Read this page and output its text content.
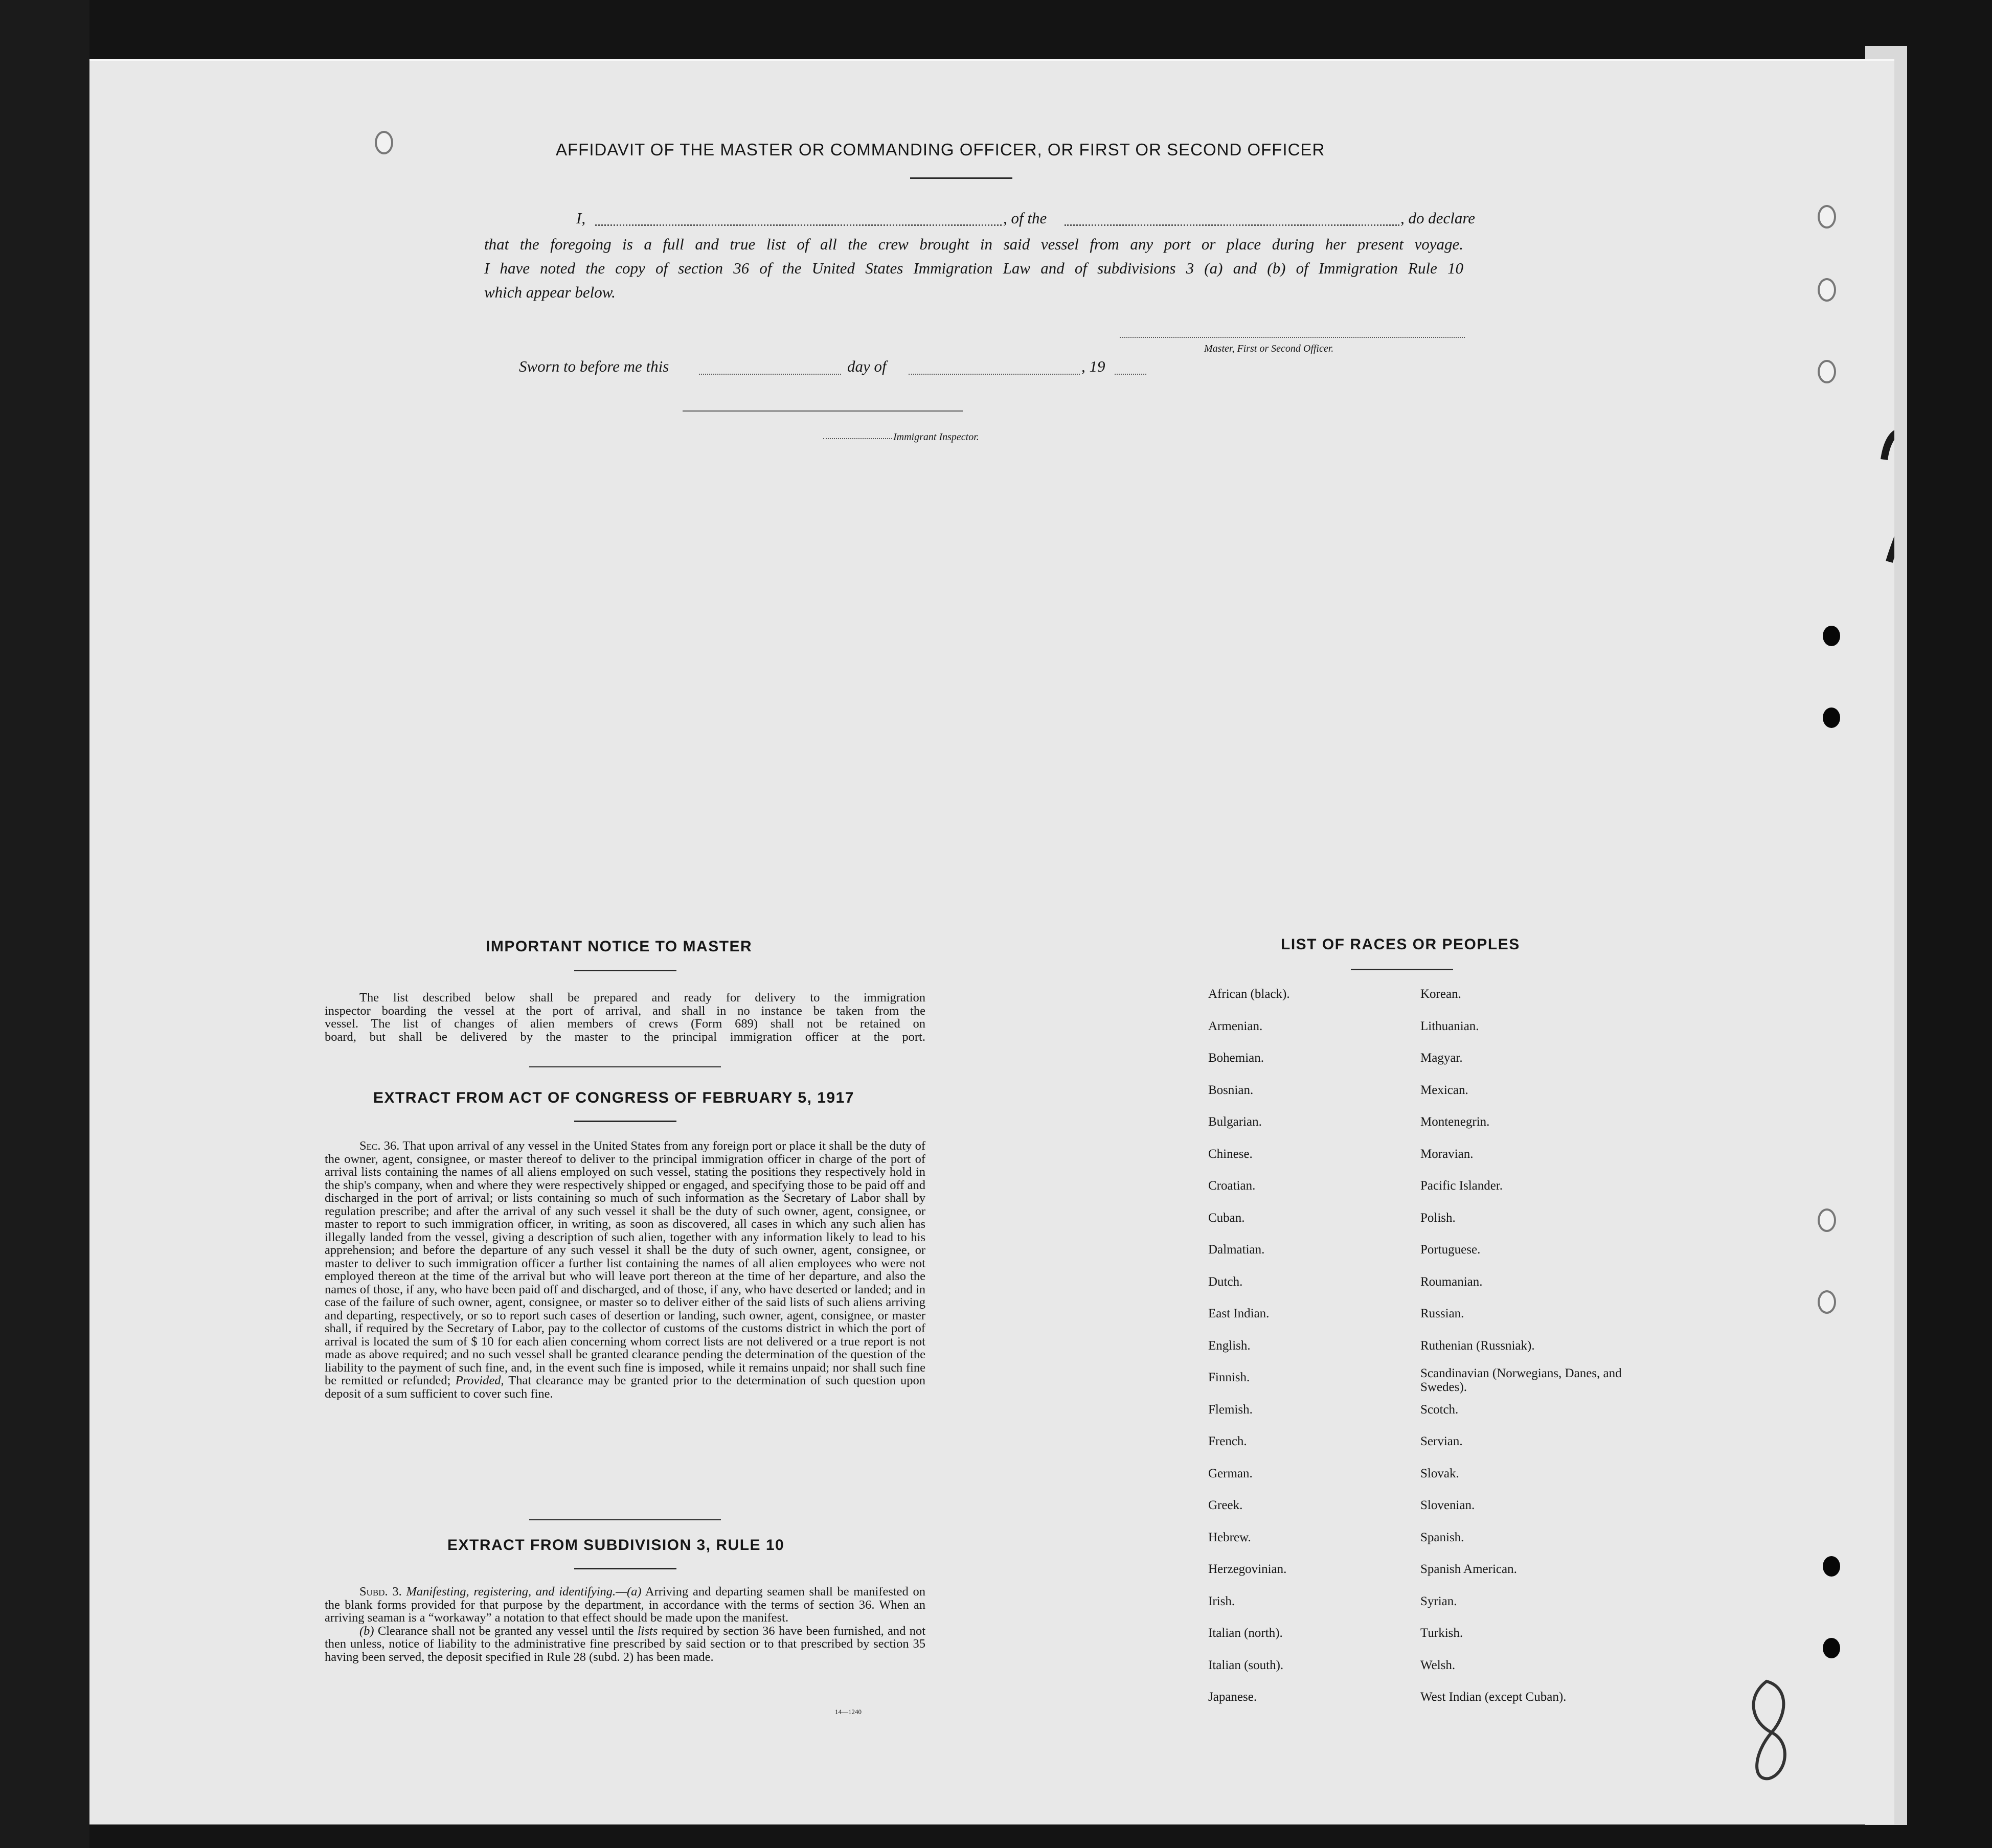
AFFIDAVIT OF THE MASTER OR COMMANDING OFFICER, OR FIRST OR SECOND OFFICER
I,	, of the	, do declare
that the foregoing is a full and true list of all the crew brought in said vessel from any port or place during her present voyage.
I have noted the copy of section 36 of the United States Immigration Law and of subdivisions 3 (a) and (b) of Immigration Rule 10
which appear below.
Master, First or Second Officer.
Sworn to before me this	day of	, 19
Immigrant Inspector.
IMPORTANT NOTICE TO MASTER
The list described below shall be prepared and ready for delivery to the immigration
inspector boarding the vessel at the port of arrival, and shall in no instance be taken from the
vessel. The list of changes of alien members of crews (Form 689) shall not be retained on
board, but shall be delivered by the master to the principal immigration officer at the port.
EXTRACT FROM ACT OF CONGRESS OF FEBRUARY 5, 1917
Sec. 36. That upon arrival of any vessel in the United States from any foreign port or place it shall be the duty of the owner, agent, consignee, or master thereof to deliver to the principal immigration officer in charge of the port of arrival lists containing the names of all aliens employed on such vessel, stating the positions they respectively hold in the ship's company, when and where they were respectively shipped or engaged, and specifying those to be paid off and discharged in the port of arrival; or lists containing so much of such information as the Secretary of Labor shall by regulation prescribe; and after the arrival of any such vessel it shall be the duty of such owner, agent, consignee, or master to report to such immigration officer, in writing, as soon as discovered, all cases in which any such alien has illegally landed from the vessel, giving a description of such alien, together with any information likely to lead to his apprehension; and before the departure of any such vessel it shall be the duty of such owner, agent, consignee, or master to deliver to such immigration officer a further list containing the names of all alien employees who were not employed thereon at the time of the arrival but who will leave port thereon at the time of her departure, and also the names of those, if any, who have been paid off and discharged, and of those, if any, who have deserted or landed; and in case of the failure of such owner, agent, consignee, or master so to deliver either of the said lists of such aliens arriving and departing, respectively, or so to report such cases of desertion or landing, such owner, agent, consignee, or master shall, if required by the Secretary of Labor, pay to the collector of customs of the customs district in which the port of arrival is located the sum of $ 10 for each alien concerning whom correct lists are not delivered or a true report is not made as above required; and no such vessel shall be granted clearance pending the determination of the question of the liability to the payment of such fine, and, in the event such fine is imposed, while it remains unpaid; nor shall such fine be remitted or refunded; Provided, That clearance may be granted prior to the determination of such question upon deposit of a sum sufficient to cover such fine.
EXTRACT FROM SUBDIVISION 3, RULE 10
Subd. 3. Manifesting, registering, and identifying.—(a) Arriving and departing seamen shall be manifested on the blank forms provided for that purpose by the department, in accordance with the terms of section 36. When an arriving seaman is a “workaway” a notation to that effect should be made upon the manifest.
(b) Clearance shall not be granted any vessel until the lists required by section 36 have been furnished, and not then unless, notice of liability to the administrative fine prescribed by said section or to that prescribed by section 35 having been served, the deposit specified in Rule 28 (subd. 2) has been made.
14—1240
LIST OF RACES OR PEOPLES
African (black).
Armenian.
Bohemian.
Bosnian.
Bulgarian.
Chinese.
Croatian.
Cuban.
Dalmatian.
Dutch.
East Indian.
English.
Finnish.
Flemish.
French.
German.
Greek.
Hebrew.
Herzegovinian.
Irish.
Italian (north).
Italian (south).
Japanese.
Korean.
Lithuanian.
Magyar.
Mexican.
Montenegrin.
Moravian.
Pacific Islander.
Polish.
Portuguese.
Roumanian.
Russian.
Ruthenian (Russniak).
Scandinavian (Norwegians, Danes, and Swedes).
Scotch.
Servian.
Slovak.
Slovenian.
Spanish.
Spanish American.
Syrian.
Turkish.
Welsh.
West Indian (except Cuban).
